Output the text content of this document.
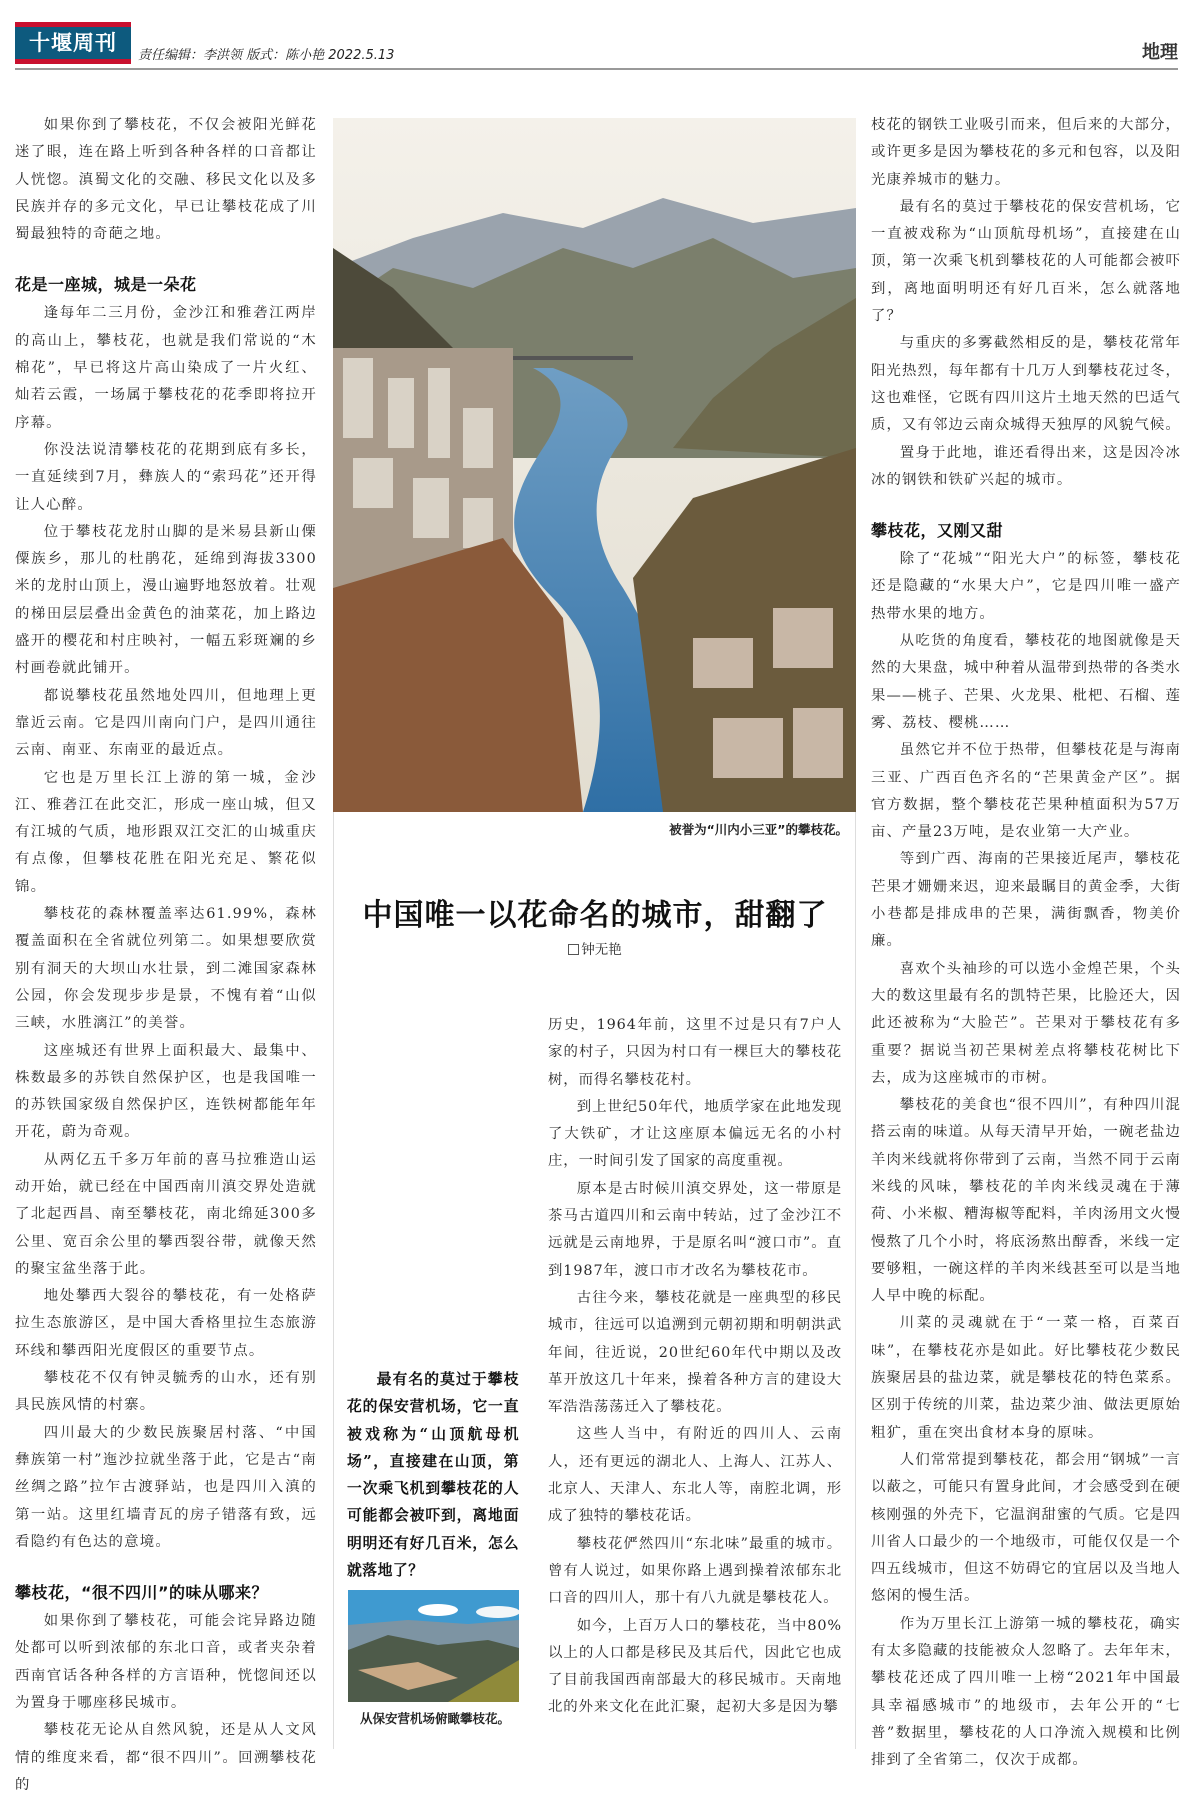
十堰周刊
责任编辑：李洪领 版式：陈小艳 2022.5.13	地理

如果你到了攀枝花，不仅会被阳光鲜花迷了眼，连在路上听到各种各样的口音都让人恍惚。滇蜀文化的交融、移民文化以及多民族并存的多元文化，早已让攀枝花成了川蜀最独特的奇葩之地。

花是一座城，城是一朵花

逢每年二三月份，金沙江和雅砻江两岸的高山上，攀枝花，也就是我们常说的“木棉花”，早已将这片高山染成了一片火红、灿若云霞，一场属于攀枝花的花季即将拉开序幕。

你没法说清攀枝花的花期到底有多长，一直延续到7月，彝族人的“索玛花”还开得让人心醉。

位于攀枝花龙肘山脚的是米易县新山傈僳族乡，那儿的杜鹃花，延绵到海拔3300米的龙肘山顶上，漫山遍野地怒放着。壮观的梯田层层叠出金黄色的油菜花，加上路边盛开的樱花和村庄映衬，一幅五彩斑斓的乡村画卷就此铺开。

都说攀枝花虽然地处四川，但地理上更靠近云南。它是四川南向门户，是四川通往云南、南亚、东南亚的最近点。

它也是万里长江上游的第一城，金沙江、雅砻江在此交汇，形成一座山城，但又有江城的气质，地形跟双江交汇的山城重庆有点像，但攀枝花胜在阳光充足、繁花似锦。

攀枝花的森林覆盖率达61.99%，森林覆盖面积在全省就位列第二。如果想要欣赏别有洞天的大坝山水壮景，到二滩国家森林公园，你会发现步步是景，不愧有着“山似三峡，水胜漓江”的美誉。

这座城还有世界上面积最大、最集中、株数最多的苏铁自然保护区，也是我国唯一的苏铁国家级自然保护区，连铁树都能年年开花，蔚为奇观。

从两亿五千多万年前的喜马拉雅造山运动开始，就已经在中国西南川滇交界处造就了北起西昌、南至攀枝花，南北绵延300多公里、宽百余公里的攀西裂谷带，就像天然的聚宝盆坐落于此。

地处攀西大裂谷的攀枝花，有一处格萨拉生态旅游区，是中国大香格里拉生态旅游环线和攀西阳光度假区的重要节点。

攀枝花不仅有钟灵毓秀的山水，还有别具民族风情的村寨。

四川最大的少数民族聚居村落、“中国彝族第一村”迤沙拉就坐落于此，它是古“南丝绸之路”拉乍古渡驿站，也是四川入滇的第一站。这里红墙青瓦的房子错落有致，远看隐约有色达的意境。

攀枝花，“很不四川”的味从哪来？

如果你到了攀枝花，可能会诧异路边随处都可以听到浓郁的东北口音，或者夹杂着西南官话各种各样的方言语种，恍惚间还以为置身于哪座移民城市。

攀枝花无论从自然风貌，还是从人文风情的维度来看，都“很不四川”。回溯攀枝花的

被誉为“川内小三亚”的攀枝花。
中国唯一以花命名的城市，甜翻了
钟无艳

历史，1964年前，这里不过是只有7户人家的村子，只因为村口有一棵巨大的攀枝花树，而得名攀枝花村。

到上世纪50年代，地质学家在此地发现了大铁矿，才让这座原本偏远无名的小村庄，一时间引发了国家的高度重视。

原本是古时候川滇交界处，这一带原是茶马古道四川和云南中转站，过了金沙江不远就是云南地界，于是原名叫“渡口市”。直到1987年，渡口市才改名为攀枝花市。

古往今来，攀枝花就是一座典型的移民城市，往远可以追溯到元朝初期和明朝洪武年间，往近说，20世纪60年代中期以及改革开放这几十年来，操着各种方言的建设大军浩浩荡荡迁入了攀枝花。

这些人当中，有附近的四川人、云南人，还有更远的湖北人、上海人、江苏人、北京人、天津人、东北人等，南腔北调，形成了独特的攀枝花话。

攀枝花俨然四川“东北味”最重的城市。曾有人说过，如果你路上遇到操着浓郁东北口音的四川人，那十有八九就是攀枝花人。

如今，上百万人口的攀枝花，当中80%以上的人口都是移民及其后代，因此它也成了目前我国西南部最大的移民城市。天南地北的外来文化在此汇聚，起初大多是因为攀

最有名的莫过于攀枝花的保安营机场，它一直被戏称为“山顶航母机场”，直接建在山顶，第一次乘飞机到攀枝花的人可能都会被吓到，离地面明明还有好几百米，怎么就落地了？
从保安营机场俯瞰攀枝花。

枝花的钢铁工业吸引而来，但后来的大部分，或许更多是因为攀枝花的多元和包容，以及阳光康养城市的魅力。

最有名的莫过于攀枝花的保安营机场，它一直被戏称为“山顶航母机场”，直接建在山顶，第一次乘飞机到攀枝花的人可能都会被吓到，离地面明明还有好几百米，怎么就落地了？

与重庆的多雾截然相反的是，攀枝花常年阳光热烈，每年都有十几万人到攀枝花过冬，这也难怪，它既有四川这片土地天然的巴适气质，又有邻边云南众城得天独厚的风貌气候。

置身于此地，谁还看得出来，这是因冷冰冰的钢铁和铁矿兴起的城市。

攀枝花，又刚又甜

除了“花城”“阳光大户”的标签，攀枝花还是隐藏的“水果大户”，它是四川唯一盛产热带水果的地方。

从吃货的角度看，攀枝花的地图就像是天然的大果盘，城中种着从温带到热带的各类水果——桃子、芒果、火龙果、枇杷、石榴、莲雾、荔枝、樱桃……

虽然它并不位于热带，但攀枝花是与海南三亚、广西百色齐名的“芒果黄金产区”。据官方数据，整个攀枝花芒果种植面积为57万亩、产量23万吨，是农业第一大产业。

等到广西、海南的芒果接近尾声，攀枝花芒果才姗姗来迟，迎来最瞩目的黄金季，大街小巷都是排成串的芒果，满街飘香，物美价廉。

喜欢个头袖珍的可以选小金煌芒果，个头大的数这里最有名的凯特芒果，比脸还大，因此还被称为“大脸芒”。芒果对于攀枝花有多重要？据说当初芒果树差点将攀枝花树比下去，成为这座城市的市树。

攀枝花的美食也“很不四川”，有种四川混搭云南的味道。从每天清早开始，一碗老盐边羊肉米线就将你带到了云南，当然不同于云南米线的风味，攀枝花的羊肉米线灵魂在于薄荷、小米椒、糟海椒等配料，羊肉汤用文火慢慢熬了几个小时，将底汤熬出醇香，米线一定要够粗，一碗这样的羊肉米线甚至可以是当地人早中晚的标配。

川菜的灵魂就在于“一菜一格，百菜百味”，在攀枝花亦是如此。好比攀枝花少数民族聚居县的盐边菜，就是攀枝花的特色菜系。区别于传统的川菜，盐边菜少油、做法更原始粗犷，重在突出食材本身的原味。

人们常常提到攀枝花，都会用“钢城”一言以蔽之，可能只有置身此间，才会感受到在硬核刚强的外壳下，它温润甜蜜的气质。它是四川省人口最少的一个地级市，可能仅仅是一个四五线城市，但这不妨碍它的宜居以及当地人悠闲的慢生活。

作为万里长江上游第一城的攀枝花，确实有太多隐藏的技能被众人忽略了。去年年末，攀枝花还成了四川唯一上榜“2021年中国最具幸福感城市”的地级市，去年公开的“七普”数据里，攀枝花的人口净流入规模和比例排到了全省第二，仅次于成都。
